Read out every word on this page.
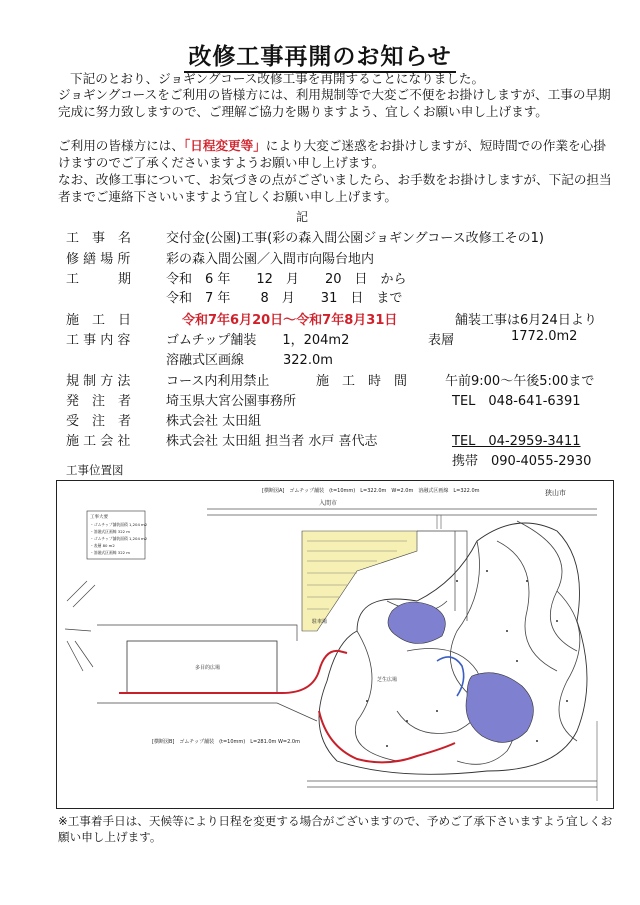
改修工事再開のお知らせ

下記のとおり、ジョギングコース改修工事を再開することになりました。

ジョギングコースをご利用の皆様方には、利用規制等で大変ご不便をお掛けしますが、工事の早期完成に努力致しますので、ご理解ご協力を賜りますよう、宜しくお願い申し上げます。

ご利用の皆様方には、「日程変更等」により大変ご迷惑をお掛けしますが、短時間での作業を心掛けますのでご了承くださいますようお願い申し上げます。

なお、改修工事について、お気づきの点がございましたら、お手数をお掛けしますが、下記の担当者までご連絡下さいいますよう宜しくお願い申し上げます。

記
工　事　名	交付金(公園)工事(彩の森入間公園ジョギングコース改修工その1)
修 繕 場 所	彩の森入間公園／入間市向陽台地内
工　　　期	令和　6 年　　12　月　　20　日　から
令和　7 年　　 8　月　　31　日　まで
施　工　日	令和7年6月20日～令和7年8月31日	舗装工事は6月24日より
工 事 内 容	ゴムチップ舗装　　1，204m2	表層	1772.0m2
溶融式区画線　　　322.0m
規 制 方 法	コース内利用禁止	施　工　時　間	午前9:00～午後5:00まで
発　注　者	埼玉県大宮公園事務所	TEL　048-641-6391
受　注　者	株式会社 太田組
施 工 会 社	株式会社 太田組 担当者 水戸 喜代志	TEL　04-2959-3411
携帯　090-4055-2930
工事位置図
[横断図A]　ゴムチップ舗装　(t=10mm)　L=322.0m　W=2.0m　溶融式区画線　L=322.0m
入間市
狭山市
工事大要
・ゴムチップ舗装面積 1,204 m2
・溶融式区画線 322 m
・ゴムチップ舗装面積 1,204 m2
・表層 80 m2
・溶融式区画線 322 m
多目的広場
駐車場
芝生広場
[横断図B]　ゴムチップ舗装　(t=10mm)　L=281.0m W=2.0m
※工事着手日は、天候等により日程を変更する場合がございますので、予めご了承下さいますよう宜しくお願い申し上げます。
